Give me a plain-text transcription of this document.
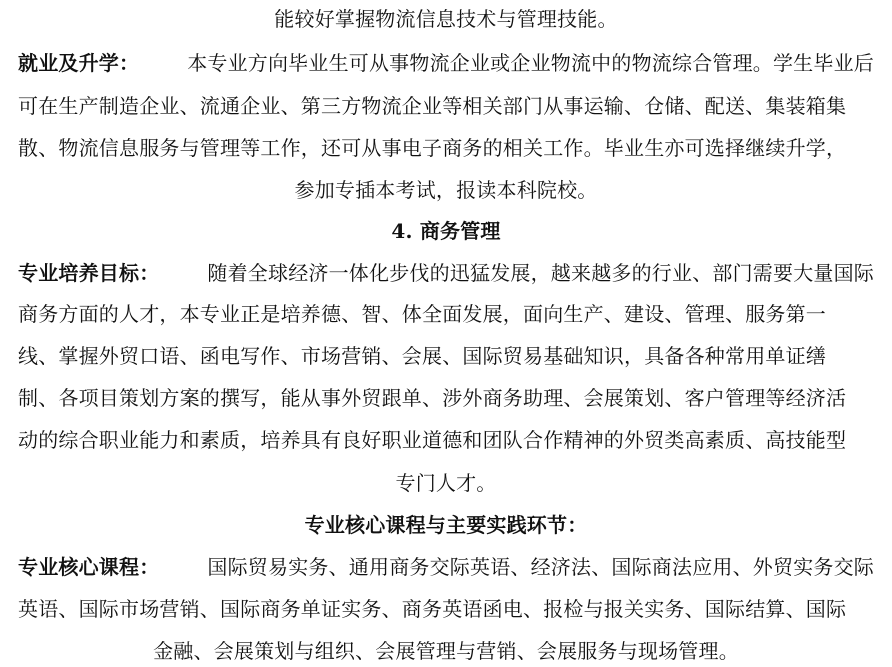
能较好掌握物流信息技术与管理技能。
就业及升学： 本专业方向毕业生可从事物流企业或企业物流中的物流综合管理。学生毕业后
可在生产制造企业、流通企业、第三方物流企业等相关部门从事运输、仓储、配送、集装箱集
散、物流信息服务与管理等工作，还可从事电子商务的相关工作。毕业生亦可选择继续升学，
参加专插本考试，报读本科院校。
4. 商务管理
专业培养目标： 随着全球经济一体化步伐的迅猛发展，越来越多的行业、部门需要大量国际
商务方面的人才，本专业正是培养德、智、体全面发展，面向生产、建设、管理、服务第一
线、掌握外贸口语、函电写作、市场营销、会展、国际贸易基础知识，具备各种常用单证缮
制、各项目策划方案的撰写，能从事外贸跟单、涉外商务助理、会展策划、客户管理等经济活
动的综合职业能力和素质，培养具有良好职业道德和团队合作精神的外贸类高素质、高技能型
专门人才。
专业核心课程与主要实践环节：
专业核心课程： 国际贸易实务、通用商务交际英语、经济法、国际商法应用、外贸实务交际
英语、国际市场营销、国际商务单证实务、商务英语函电、报检与报关实务、国际结算、国际
金融、会展策划与组织、会展管理与营销、会展服务与现场管理。
